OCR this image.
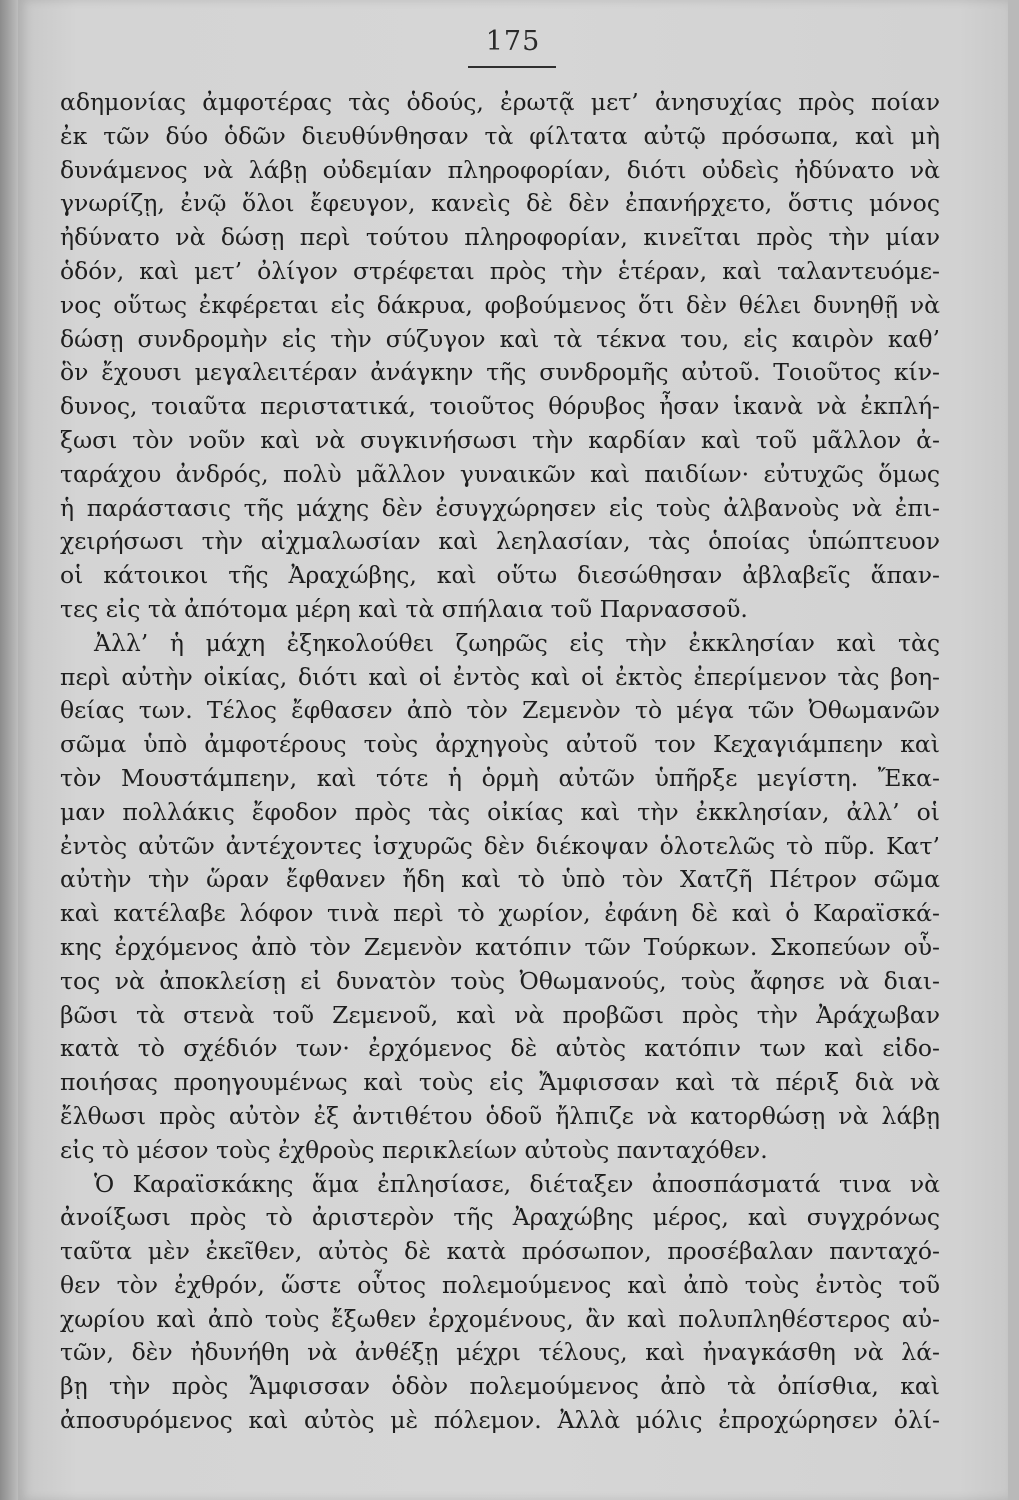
175
αδημονίας ἀμφοτέρας τὰς ὁδούς, ἐρωτᾷ μετ’ ἀνησυχίας πρὸς ποίαν
ἐκ τῶν δύο ὁδῶν διευθύνθησαν τὰ φίλτατα αὐτῷ πρόσωπα, καὶ μὴ
δυνάμενος νὰ λάβῃ οὐδεμίαν πληροφορίαν, διότι οὐδεὶς ἠδύνατο νὰ
γνωρίζῃ, ἐνῷ ὅλοι ἔφευγον, κανεὶς δὲ δὲν ἐπανήρχετο, ὅστις μόνος
ἠδύνατο νὰ δώσῃ περὶ τούτου πληροφορίαν, κινεῖται πρὸς τὴν μίαν
ὁδόν, καὶ μετ’ ὀλίγον στρέφεται πρὸς τὴν ἑτέραν, καὶ ταλαντευόμε-
νος οὕτως ἐκφέρεται εἰς δάκρυα, φοβούμενος ὅτι δὲν θέλει δυνηθῇ νὰ
δώσῃ συνδρομὴν εἰς τὴν σύζυγον καὶ τὰ τέκνα του, εἰς καιρὸν καθ’
ὃν ἔχουσι μεγαλειτέραν ἀνάγκην τῆς συνδρομῆς αὐτοῦ. Τοιοῦτος κίν-
δυνος, τοιαῦτα περιστατικά, τοιοῦτος θόρυβος ἦσαν ἱκανὰ νὰ ἐκπλή-
ξωσι τὸν νοῦν καὶ νὰ συγκινήσωσι τὴν καρδίαν καὶ τοῦ μᾶλλον ἀ-
ταράχου ἀνδρός, πολὺ μᾶλλον γυναικῶν καὶ παιδίων· εὐτυχῶς ὅμως
ἡ παράστασις τῆς μάχης δὲν ἐσυγχώρησεν εἰς τοὺς ἀλβανοὺς νὰ ἐπι-
χειρήσωσι τὴν αἰχμαλωσίαν καὶ λεηλασίαν, τὰς ὁποίας ὑπώπτευον
οἱ κάτοικοι τῆς Ἀραχώβης, καὶ οὕτω διεσώθησαν ἀβλαβεῖς ἅπαν-
τες εἰς τὰ ἀπότομα μέρη καὶ τὰ σπήλαια τοῦ Παρνασσοῦ.
Ἀλλ’ ἡ μάχη ἐξηκολούθει ζωηρῶς εἰς τὴν ἐκκλησίαν καὶ τὰς
περὶ αὐτὴν οἰκίας, διότι καὶ οἱ ἐντὸς καὶ οἱ ἐκτὸς ἐπερίμενον τὰς βοη-
θείας των. Τέλος ἔφθασεν ἀπὸ τὸν Ζεμενὸν τὸ μέγα τῶν Ὀθωμανῶν
σῶμα ὑπὸ ἀμφοτέρους τοὺς ἀρχηγοὺς αὐτοῦ τον Κεχαγιάμπεην καὶ
τὸν Μουστάμπεην, καὶ τότε ἡ ὁρμὴ αὐτῶν ὑπῆρξε μεγίστη. Ἔκα-
μαν πολλάκις ἔφοδον πρὸς τὰς οἰκίας καὶ τὴν ἐκκλησίαν, ἀλλ’ οἱ
ἐντὸς αὐτῶν ἀντέχοντες ἰσχυρῶς δὲν διέκοψαν ὁλοτελῶς τὸ πῦρ. Κατ’
αὐτὴν τὴν ὥραν ἔφθανεν ἤδη καὶ τὸ ὑπὸ τὸν Χατζῆ Πέτρον σῶμα
καὶ κατέλαβε λόφον τινὰ περὶ τὸ χωρίον, ἐφάνη δὲ καὶ ὁ Καραϊσκά-
κης ἐρχόμενος ἀπὸ τὸν Ζεμενὸν κατόπιν τῶν Τούρκων. Σκοπεύων οὗ-
τος νὰ ἀποκλείσῃ εἰ δυνατὸν τοὺς Ὀθωμανούς, τοὺς ἄφησε νὰ διαι-
βῶσι τὰ στενὰ τοῦ Ζεμενοῦ, καὶ νὰ προβῶσι πρὸς τὴν Ἀράχωβαν
κατὰ τὸ σχέδιόν των· ἐρχόμενος δὲ αὐτὸς κατόπιν των καὶ εἰδο-
ποιήσας προηγουμένως καὶ τοὺς εἰς Ἄμφισσαν καὶ τὰ πέριξ διὰ νὰ
ἔλθωσι πρὸς αὐτὸν ἐξ ἀντιθέτου ὁδοῦ ἤλπιζε νὰ κατορθώσῃ νὰ λάβῃ
εἰς τὸ μέσον τοὺς ἐχθροὺς περικλείων αὐτοὺς πανταχόθεν.
Ὁ Καραϊσκάκης ἅμα ἐπλησίασε, διέταξεν ἀποσπάσματά τινα νὰ
ἀνοίξωσι πρὸς τὸ ἀριστερὸν τῆς Ἀραχώβης μέρος, καὶ συγχρόνως
ταῦτα μὲν ἐκεῖθεν, αὐτὸς δὲ κατὰ πρόσωπον, προσέβαλαν πανταχό-
θεν τὸν ἐχθρόν, ὥστε οὗτος πολεμούμενος καὶ ἀπὸ τοὺς ἐντὸς τοῦ
χωρίου καὶ ἀπὸ τοὺς ἔξωθεν ἐρχομένους, ἂν καὶ πολυπληθέστερος αὐ-
τῶν, δὲν ἠδυνήθη νὰ ἀνθέξῃ μέχρι τέλους, καὶ ἠναγκάσθη νὰ λά-
βῃ τὴν πρὸς Ἄμφισσαν ὁδὸν πολεμούμενος ἀπὸ τὰ ὀπίσθια, καὶ
ἀποσυρόμενος καὶ αὐτὸς μὲ πόλεμον. Ἀλλὰ μόλις ἐπροχώρησεν ὀλί-
